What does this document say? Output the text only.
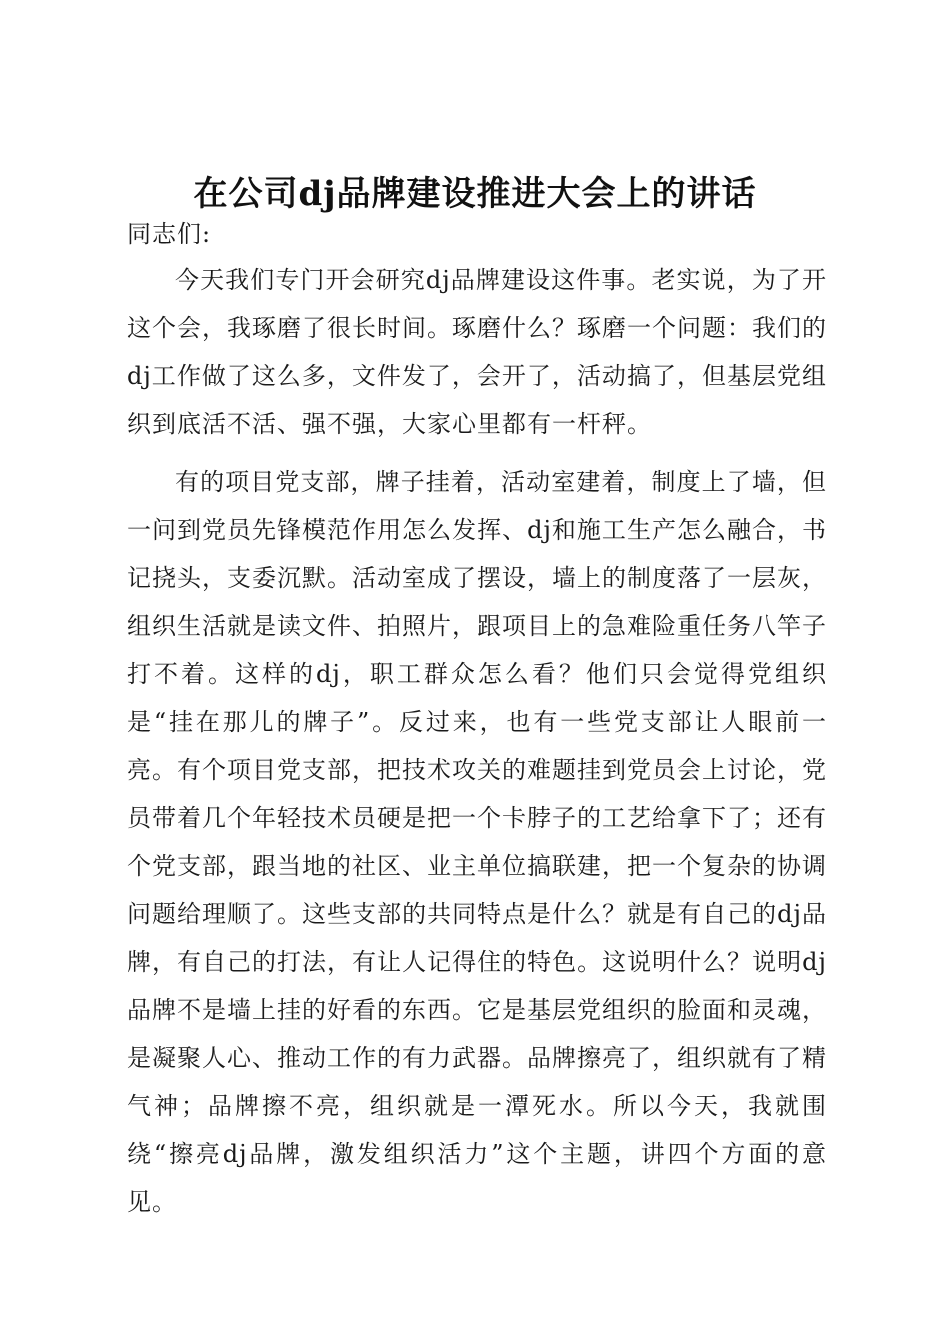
在公司dj品牌建设推进大会上的讲话

同志们:

今天我们专门开会研究dj品牌建设这件事。老实说，为了开这个会，我琢磨了很长时间。琢磨什么？琢磨一个问题：我们的dj工作做了这么多，文件发了，会开了，活动搞了，但基层党组织到底活不活、强不强，大家心里都有一杆秤。

有的项目党支部，牌子挂着，活动室建着，制度上了墙，但一问到党员先锋模范作用怎么发挥、dj和施工生产怎么融合，书记挠头，支委沉默。活动室成了摆设，墙上的制度落了一层灰，组织生活就是读文件、拍照片，跟项目上的急难险重任务八竿子打不着。这样的dj，职工群众怎么看？他们只会觉得党组织是“挂在那儿的牌子”。反过来，也有一些党支部让人眼前一亮。有个项目党支部，把技术攻关的难题挂到党员会上讨论，党员带着几个年轻技术员硬是把一个卡脖子的工艺给拿下了；还有个党支部，跟当地的社区、业主单位搞联建，把一个复杂的协调问题给理顺了。这些支部的共同特点是什么？就是有自己的dj品牌，有自己的打法，有让人记得住的特色。这说明什么？说明dj品牌不是墙上挂的好看的东西。它是基层党组织的脸面和灵魂，是凝聚人心、推动工作的有力武器。品牌擦亮了，组织就有了精气神；品牌擦不亮，组织就是一潭死水。所以今天，我就围绕“擦亮dj品牌，激发组织活力”这个主题，讲四个方面的意见。
